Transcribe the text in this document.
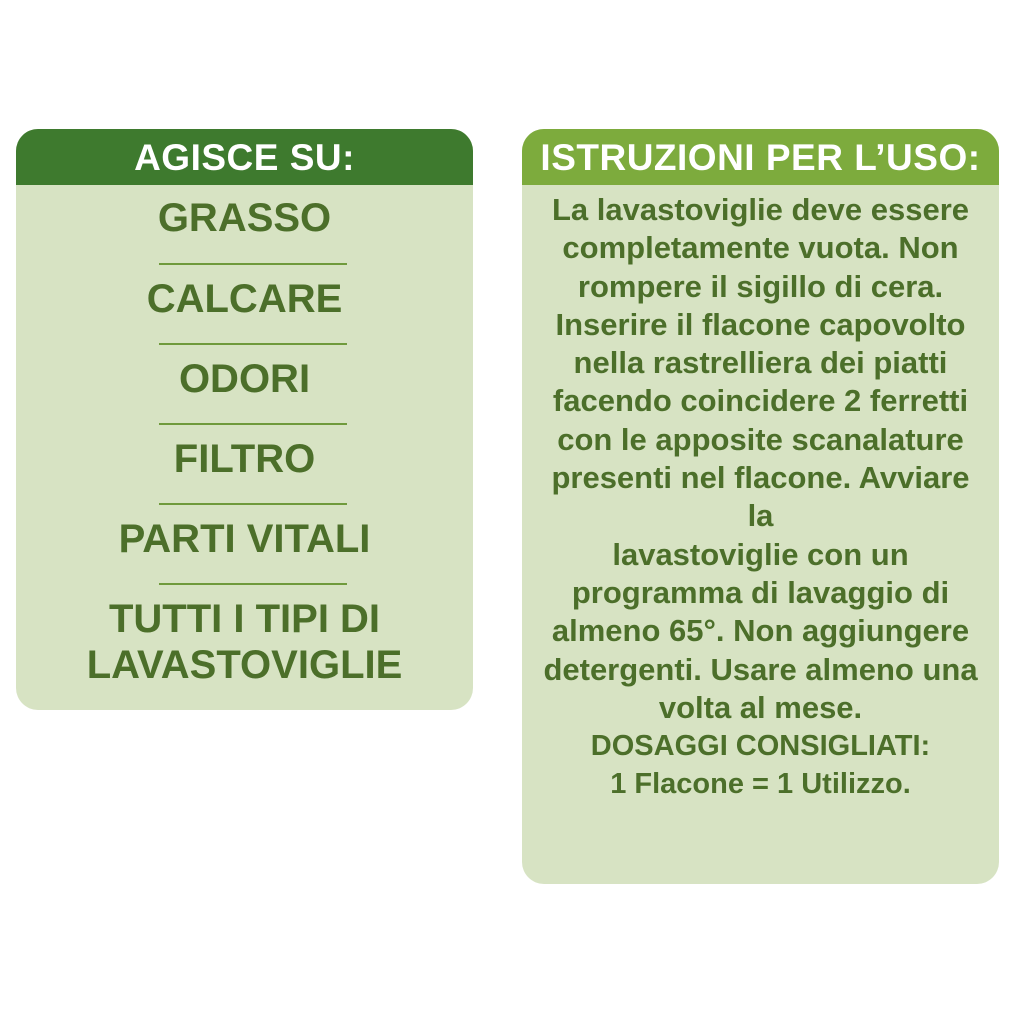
AGISCE SU:
GRASSO
CALCARE
ODORI
FILTRO
PARTI VITALI
TUTTI I TIPI DI
LAVASTOVIGLIE
ISTRUZIONI PER L’USO:
La lavastoviglie deve essere
completamente vuota. Non
rompere il sigillo di cera.
Inserire il flacone capovolto
nella rastrelliera dei piatti
facendo coincidere 2 ferretti
con le apposite scanalature
presenti nel flacone. Avviare la
lavastoviglie con un
programma di lavaggio di
almeno 65°. Non aggiungere
detergenti. Usare almeno una
volta al mese.
DOSAGGI CONSIGLIATI:
1 Flacone = 1 Utilizzo.
